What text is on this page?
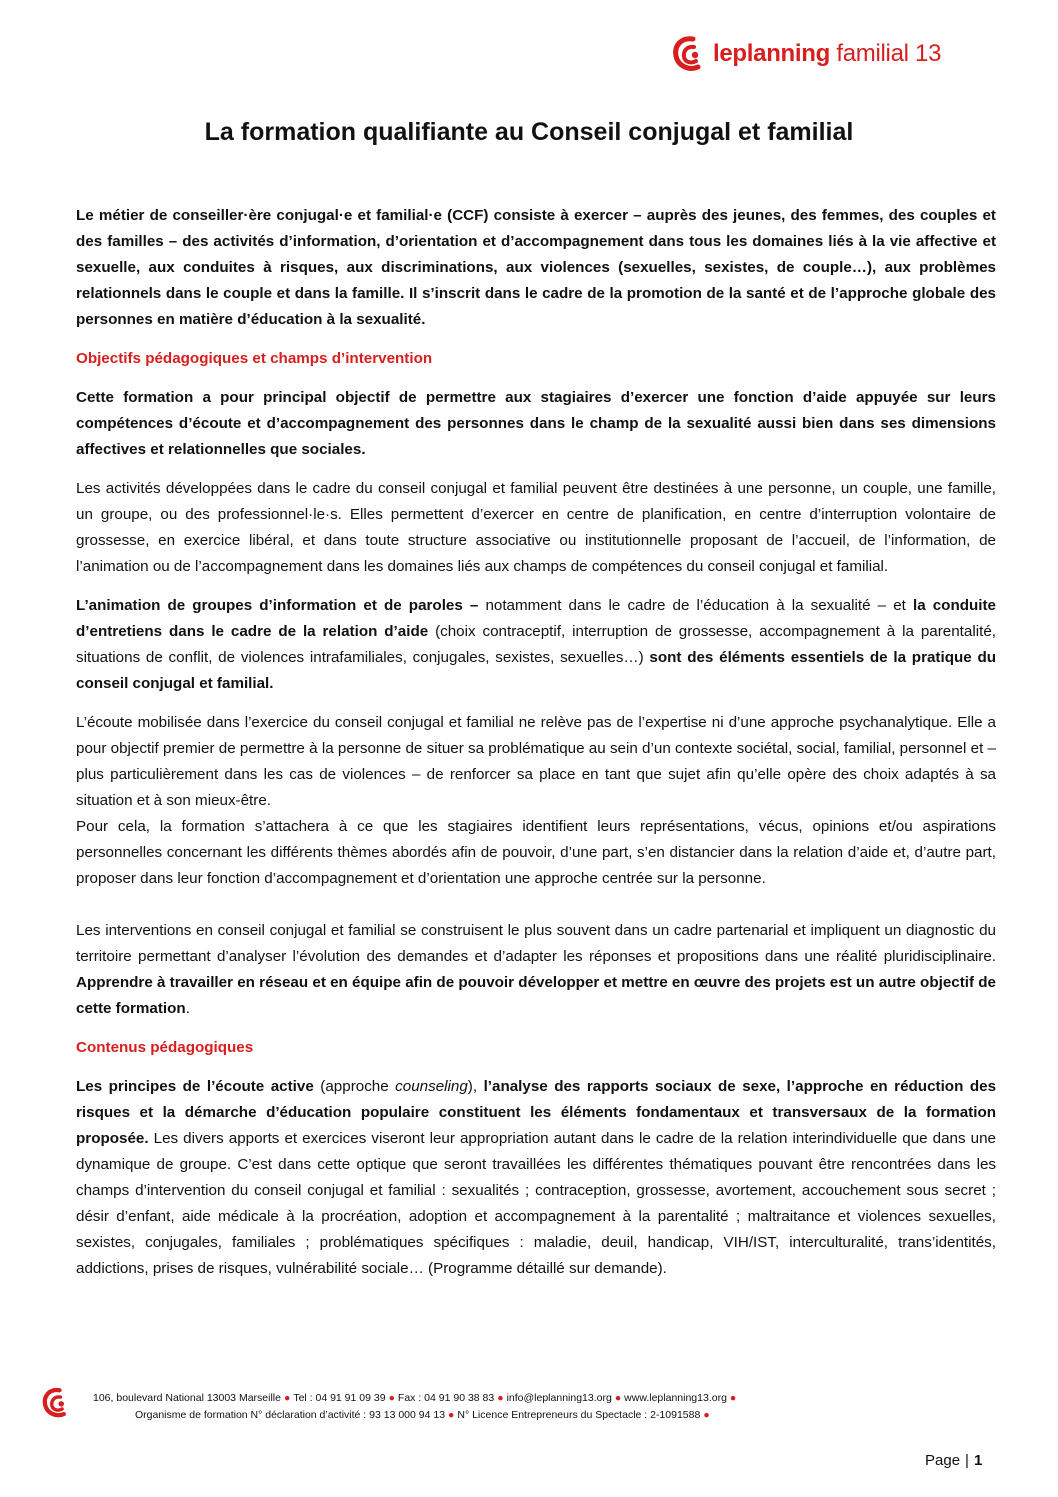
leplanning familial 13
La formation qualifiante au Conseil conjugal et familial

Le métier de conseiller·ère conjugal·e et familial·e (CCF) consiste à exercer – auprès des jeunes, des femmes, des couples et des familles – des activités d’information, d’orientation et d’accompagnement dans tous les domaines liés à la vie affective et sexuelle, aux conduites à risques, aux discriminations, aux violences (sexuelles, sexistes, de couple…), aux problèmes relationnels dans le couple et dans la famille. Il s’inscrit dans le cadre de la promotion de la santé et de l’approche globale des personnes en matière d’éducation à la sexualité.

Objectifs pédagogiques et champs d’intervention

Cette formation a pour principal objectif de permettre aux stagiaires d’exercer une fonction d’aide appuyée sur leurs compétences d’écoute et d’accompagnement des personnes dans le champ de la sexualité aussi bien dans ses dimensions affectives et relationnelles que sociales.

Les activités développées dans le cadre du conseil conjugal et familial peuvent être destinées à une personne, un couple, une famille, un groupe, ou des professionnel·le·s. Elles permettent d’exercer en centre de planification, en centre d’interruption volontaire de grossesse, en exercice libéral, et dans toute structure associative ou institutionnelle proposant de l’accueil, de l’information, de l’animation ou de l’accompagnement dans les domaines liés aux champs de compétences du conseil conjugal et familial.

L’animation de groupes d’information et de paroles – notamment dans le cadre de l’éducation à la sexualité – et la conduite d’entretiens dans le cadre de la relation d’aide (choix contraceptif, interruption de grossesse, accompagnement à la parentalité, situations de conflit, de violences intrafamiliales, conjugales, sexistes, sexuelles…) sont des éléments essentiels de la pratique du conseil conjugal et familial.

L’écoute mobilisée dans l’exercice du conseil conjugal et familial ne relève pas de l’expertise ni d’une approche psychanalytique. Elle a pour objectif premier de permettre à la personne de situer sa problématique au sein d’un contexte sociétal, social, familial, personnel et – plus particulièrement dans les cas de violences – de renforcer sa place en tant que sujet afin qu’elle opère des choix adaptés à sa situation et à son mieux-être.

Pour cela, la formation s’attachera à ce que les stagiaires identifient leurs représentations, vécus, opinions et/ou aspirations personnelles concernant les différents thèmes abordés afin de pouvoir, d’une part, s’en distancier dans la relation d’aide et, d’autre part, proposer dans leur fonction d’accompagnement et d’orientation une approche centrée sur la personne.

Les interventions en conseil conjugal et familial se construisent le plus souvent dans un cadre partenarial et impliquent un diagnostic du territoire permettant d’analyser l’évolution des demandes et d’adapter les réponses et propositions dans une réalité pluridisciplinaire. Apprendre à travailler en réseau et en équipe afin de pouvoir développer et mettre en œuvre des projets est un autre objectif de cette formation.

Contenus pédagogiques

Les principes de l’écoute active (approche counseling), l’analyse des rapports sociaux de sexe, l’approche en réduction des risques et la démarche d’éducation populaire constituent les éléments fondamentaux et transversaux de la formation proposée. Les divers apports et exercices viseront leur appropriation autant dans le cadre de la relation interindividuelle que dans une dynamique de groupe. C’est dans cette optique que seront travaillées les différentes thématiques pouvant être rencontrées dans les champs d’intervention du conseil conjugal et familial : sexualités ; contraception, grossesse, avortement, accouchement sous secret ; désir d’enfant, aide médicale à la procréation, adoption et accompagnement à la parentalité ; maltraitance et violences sexuelles, sexistes, conjugales, familiales ; problématiques spécifiques : maladie, deuil, handicap, VIH/IST, interculturalité, trans’identités, addictions, prises de risques, vulnérabilité sociale… (Programme détaillé sur demande).

106, boulevard National 13003 Marseille ● Tel : 04 91 91 09 39 ● Fax : 04 91 90 38 83 ● info@leplanning13.org ● www.leplanning13.org ●
Organisme de formation N° déclaration d’activité : 93 13 000 94 13 ● N° Licence Entrepreneurs du Spectacle : 2-1091588 ●
Page | 1
